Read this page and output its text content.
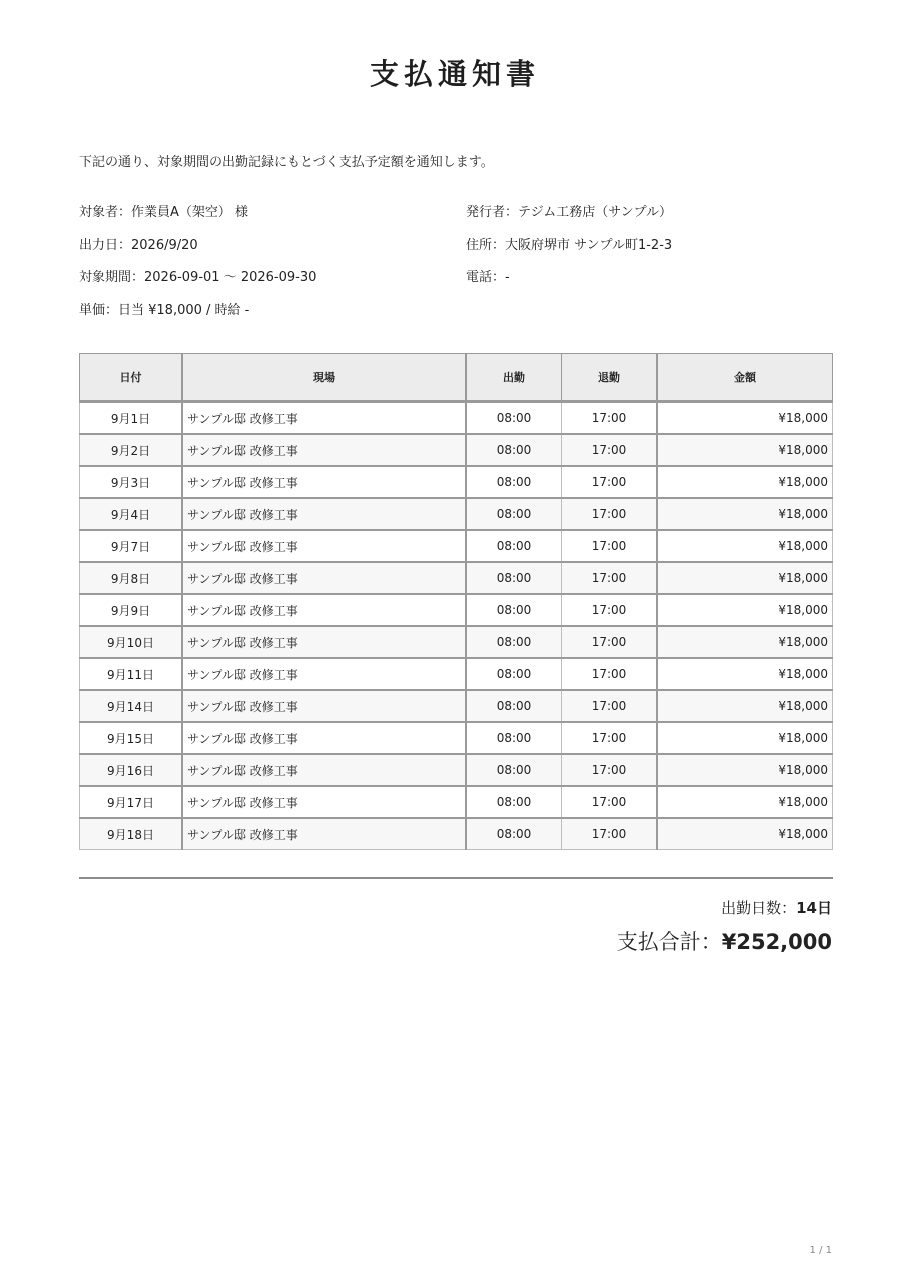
支払通知書
下記の通り、対象期間の出勤記録にもとづく支払予定額を通知します。
対象者：作業員A（架空） 様
出力日：2026/9/20
対象期間：2026-09-01 〜 2026-09-30
単価：日当 ¥18,000 / 時給 -
発行者：テジム工務店（サンプル）
住所：大阪府堺市 サンプル町1-2-3
電話：-
日付	現場	出勤	退勤	金額
9月1日	サンプル邸 改修工事	08:00	17:00	¥18,000
9月2日	サンプル邸 改修工事	08:00	17:00	¥18,000
9月3日	サンプル邸 改修工事	08:00	17:00	¥18,000
9月4日	サンプル邸 改修工事	08:00	17:00	¥18,000
9月7日	サンプル邸 改修工事	08:00	17:00	¥18,000
9月8日	サンプル邸 改修工事	08:00	17:00	¥18,000
9月9日	サンプル邸 改修工事	08:00	17:00	¥18,000
9月10日	サンプル邸 改修工事	08:00	17:00	¥18,000
9月11日	サンプル邸 改修工事	08:00	17:00	¥18,000
9月14日	サンプル邸 改修工事	08:00	17:00	¥18,000
9月15日	サンプル邸 改修工事	08:00	17:00	¥18,000
9月16日	サンプル邸 改修工事	08:00	17:00	¥18,000
9月17日	サンプル邸 改修工事	08:00	17:00	¥18,000
9月18日	サンプル邸 改修工事	08:00	17:00	¥18,000
出勤日数：14日
支払合計：¥252,000
1 / 1
